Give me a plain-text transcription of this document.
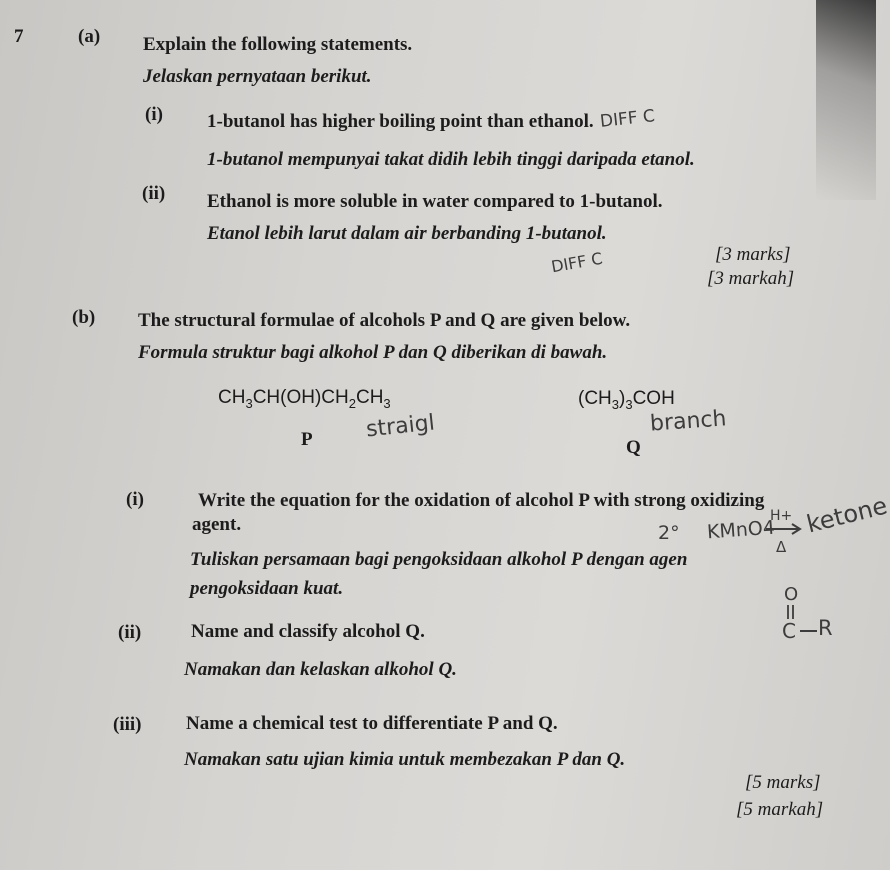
7	(a) Explain the following statements.
Jelaskan pernyataan berikut.
(i) 1-butanol has higher boiling point than ethanol.
1-butanol mempunyai takat didih lebih tinggi daripada etanol.
(ii) Ethanol is more soluble in water compared to 1-butanol.
Etanol lebih larut dalam air berbanding 1-butanol.
[3 marks]
[3 markah]
(b) The structural formulae of alcohols P and Q are given below.
Formula struktur bagi alkohol P dan Q diberikan di bawah.
$CH_3CH(OH)CH_2CH_3$	$(CH_3)_3COH$
P	Q
(i)	Write the equation for the oxidation of alcohol P with strong oxidizing
agent.
Tuliskan persamaan bagi pengoksidaan alkohol P dengan agen
pengoksidaan kuat.
(ii)	Name and classify alcohol Q.
Namakan dan kelaskan alkohol Q.
(iii) Name a chemical test to differentiate P and Q.
Namakan satu ujian kimia untuk membezakan P dan Q.
[5 marks]
[5 markah]
DIFF C
DIFF C
straigl	branch
2° KMnO4
H+
Δ
ketone
O
C R
